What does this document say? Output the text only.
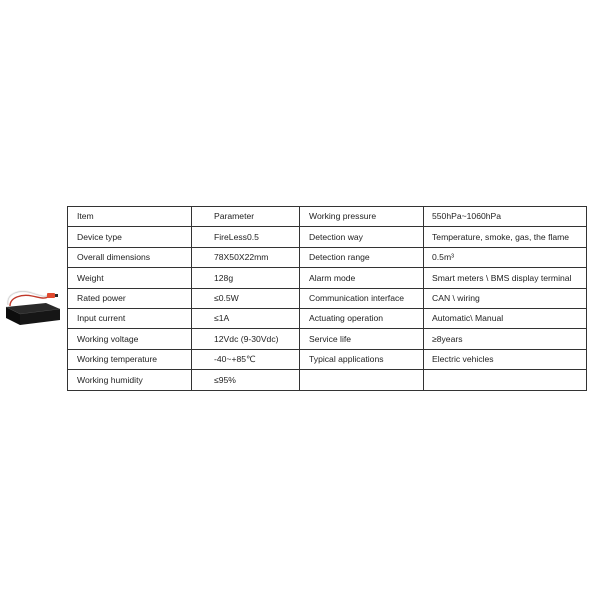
Item	Parameter	Working pressure	550hPa~1060hPa
Device type	FireLess0.5	Detection way	Temperature, smoke, gas, the flame
Overall dimensions	78X50X22mm	Detection range	0.5m³
Weight	128g	Alarm mode	Smart meters \ BMS display terminal
Rated power	≤0.5W	Communication interface	CAN \ wiring
Input current	≤1A	Actuating operation	Automatic\ Manual
Working voltage	12Vdc (9-30Vdc)	Service life	≥8years
Working temperature	-40~+85℃	Typical applications	Electric vehicles
Working humidity	≤95%		
